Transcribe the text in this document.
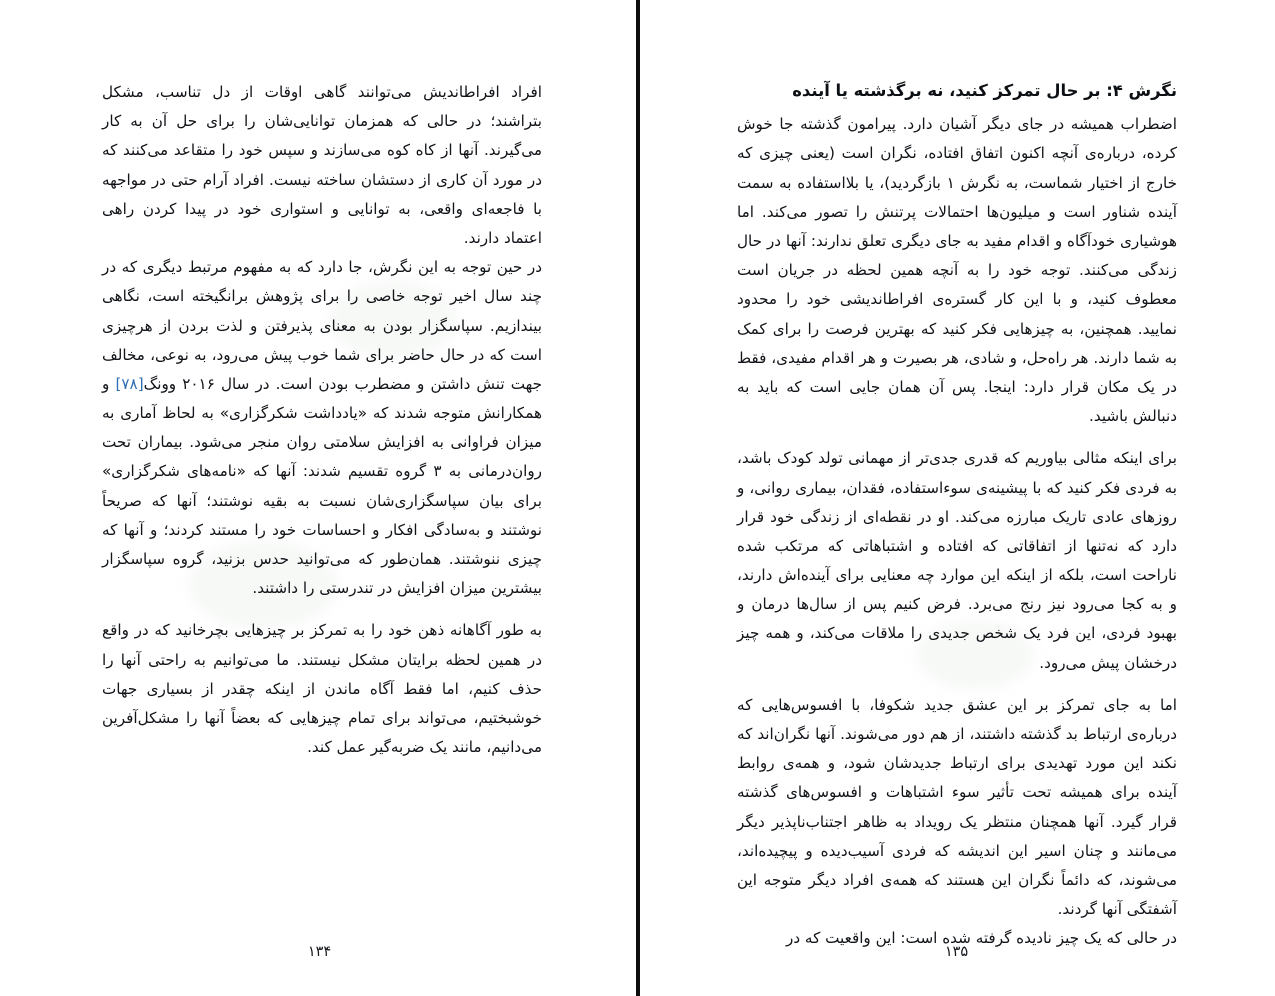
نگرش ۴: بر حال تمرکز کنید، نه برگذشته یا آینده

اضطراب همیشه در جای دیگر آشیان دارد. پیرامون گذشته جا خوش کرده، درباره‌ی آنچه اکنون اتفاق افتاده، نگران است (یعنی چیزی که خارج از اختیار شماست، به نگرش ۱ بازگردید)، یا بلااستفاده به سمت آینده شناور است و میلیون‌ها احتمالات پرتنش را تصور می‌کند. اما هوشیاری خودآگاه و اقدام مفید به جای دیگری تعلق ندارند: آنها در حال زندگی می‌کنند. توجه خود را به آنچه همین لحظه در جریان است معطوف کنید، و با این کار گستره‌ی افراطاندیشی خود را محدود نمایید. همچنین، به چیزهایی فکر کنید که بهترین فرصت را برای کمک به شما دارند. هر راه‌حل، و شادی، هر بصیرت و هر اقدام مفیدی، فقط در یک مکان قرار دارد: اینجا. پس آن همان جایی است که باید به دنبالش باشید.

برای اینکه مثالی بیاوریم که قدری جدی‌تر از مهمانی تولد کودک باشد، به فردی فکر کنید که با پیشینه‌ی سوءاستفاده، فقدان، بیماری روانی، و روزهای عادی تاریک مبارزه می‌کند. او در نقطه‌ای از زندگی خود قرار دارد که نه‌تنها از اتفاقاتی که افتاده و اشتباهاتی که مرتکب شده ناراحت است، بلکه از اینکه این موارد چه معنایی برای آینده‌اش دارند، و به کجا می‌رود نیز رنج می‌برد. فرض کنیم پس از سال‌ها درمان و بهبود فردی، این فرد یک شخص جدیدی را ملاقات می‌کند، و همه چیز درخشان پیش می‌رود.

اما به جای تمرکز بر این عشق جدید شکوفا، با افسوس‌هایی که درباره‌ی ارتباط بد گذشته داشتند، از هم دور می‌شوند. آنها نگران‌اند که نکند این مورد تهدیدی برای ارتباط جدیدشان شود، و همه‌ی روابط آینده برای همیشه تحت تأثیر سوء اشتباهات و افسوس‌های گذشته قرار گیرد. آنها همچنان منتظر یک رویداد به ظاهر اجتناب‌ناپذیر دیگر می‌مانند و چنان اسیر این اندیشه که فردی آسیب‌دیده و پیچیده‌اند، می‌شوند، که دائماً نگران این هستند که همه‌ی افراد دیگر متوجه این آشفتگی آنها گردند.

در حالی که یک چیز نادیده گرفته شده است: این واقعیت که در

۱۳۵

افراد افراطاندیش می‌توانند گاهی اوقات از دل تناسب، مشکل بتراشند؛ در حالی که همزمان توانایی‌شان را برای حل آن به کار می‌گیرند. آنها از کاه کوه می‌سازند و سپس خود را متقاعد می‌کنند که در مورد آن کاری از دستشان ساخته نیست. افراد آرام حتی در مواجهه با فاجعه‌ای واقعی، به توانایی و استواری خود در پیدا کردن راهی اعتماد دارند.

در حین توجه به این نگرش، جا دارد که به مفهوم مرتبط دیگری که در چند سال اخیر توجه خاصی را برای پژوهش برانگیخته است، نگاهی بیندازیم. سپاسگزار بودن به معنای پذیرفتن و لذت بردن از هرچیزی است که در حال حاضر برای شما خوب پیش می‌رود، به نوعی، مخالف جهت تنش داشتن و مضطرب بودن است. در سال ۲۰۱۶ وونگ[۷۸] و همکارانش متوجه شدند که «یادداشت شکرگزاری» به لحاظ آماری به میزان فراوانی به افزایش سلامتی روان منجر می‌شود. بیماران تحت روان‌درمانی به ۳ گروه تقسیم شدند: آنها که «نامه‌های شکرگزاری» برای بیان سپاسگزاری‌شان نسبت به بقیه نوشتند؛ آنها که صریحاً نوشتند و به‌سادگی افکار و احساسات خود را مستند کردند؛ و آنها که چیزی ننوشتند. همان‌طور که می‌توانید حدس بزنید، گروه سپاسگزار بیشترین میزان افزایش در تندرستی را داشتند.

به طور آگاهانه ذهن خود را به تمرکز بر چیزهایی بچرخانید که در واقع در همین لحظه برایتان مشکل نیستند. ما می‌توانیم به راحتی آنها را حذف کنیم، اما فقط آگاه ماندن از اینکه چقدر از بسیاری جهات خوشبختیم، می‌تواند برای تمام چیزهایی که بعضاً آنها را مشکل‌آفرین می‌دانیم، مانند یک ضربه‌گیر عمل کند.

۱۳۴
